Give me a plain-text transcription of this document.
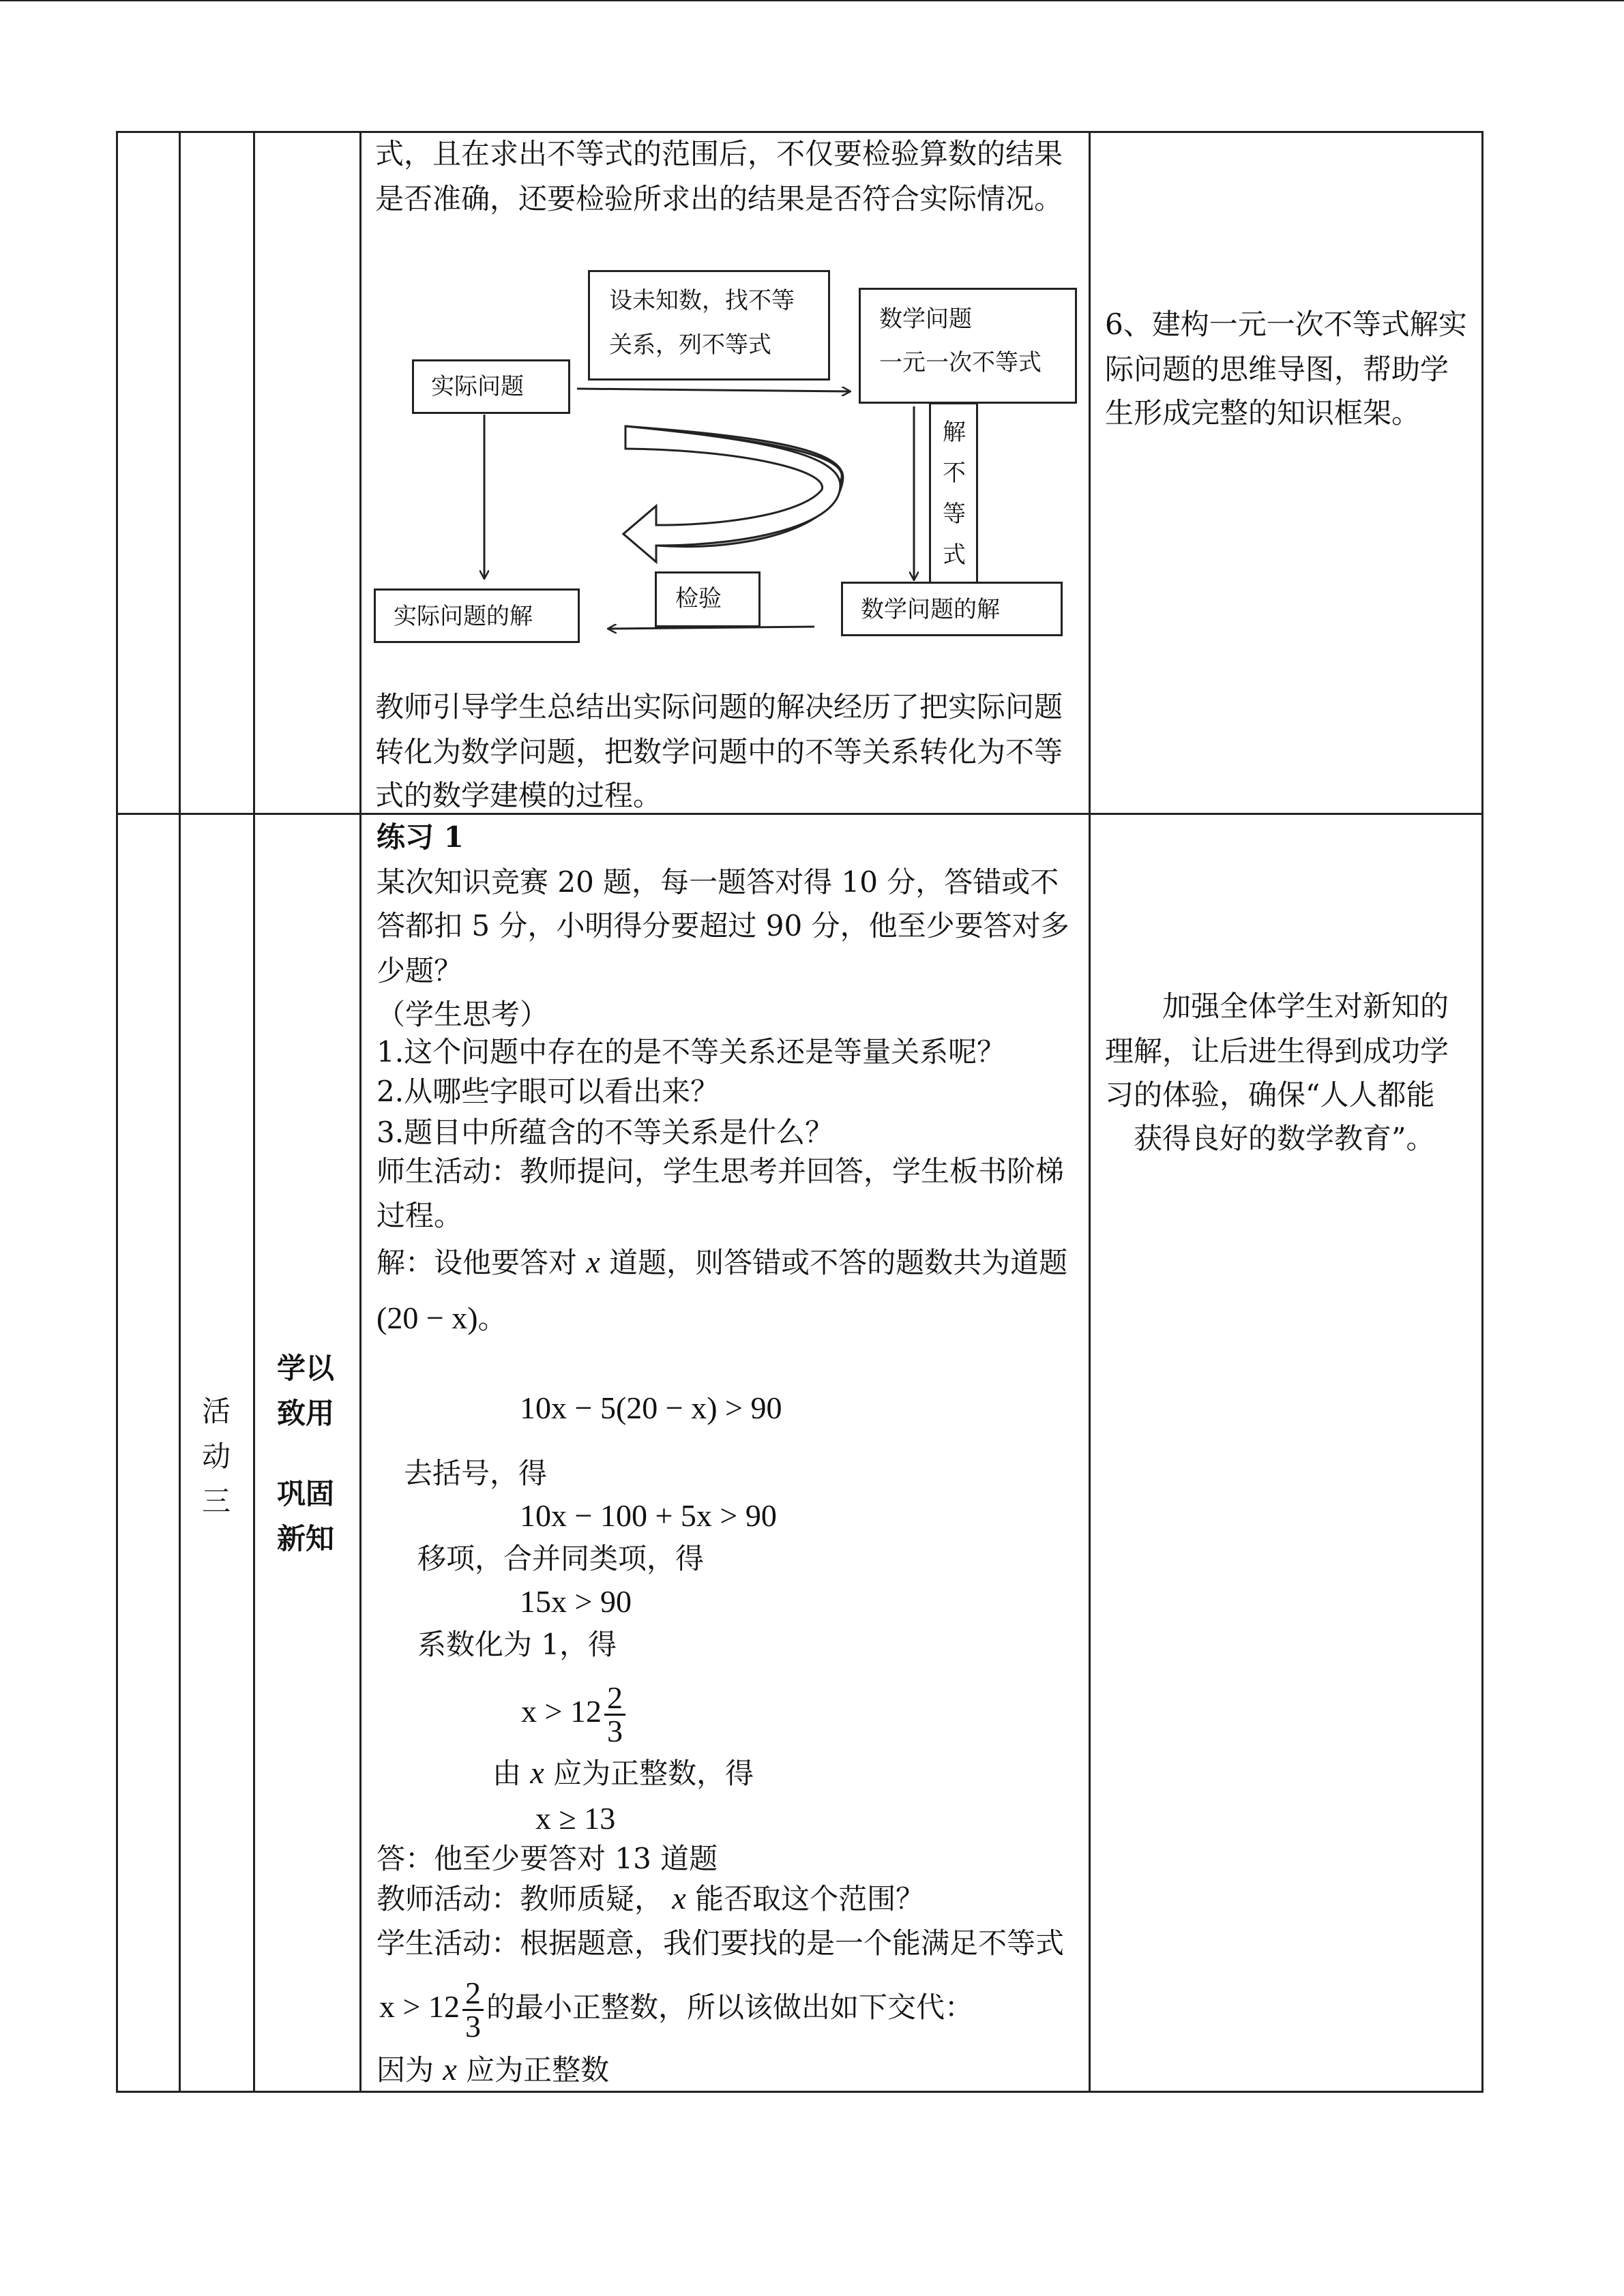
式，且在求出不等式的范围后，不仅要检验算数的结果
是否准确，还要检验所求出的结果是否符合实际情况。
设未知数，找不等
关系，列不等式
实际问题
数学问题
一元一次不等式
解
不
等
式
数学问题的解
检验
实际问题的解
教师引导学生总结出实际问题的解决经历了把实际问题
转化为数学问题，把数学问题中的不等关系转化为不等
式的数学建模的过程。
6、建构一元一次不等式解实
际问题的思维导图，帮助学
生形成完整的知识框架。
活
动
三
学以
致用
巩固
新知
练习 1
某次知识竞赛 20 题，每一题答对得 10 分，答错或不
答都扣 5 分，小明得分要超过 90 分，他至少要答对多
少题？
（学生思考）
1.这个问题中存在的是不等关系还是等量关系呢？
2.从哪些字眼可以看出来？
3.题目中所蕴含的不等关系是什么？
师生活动：教师提问，学生思考并回答，学生板书阶梯
过程。
解：设他要答对 x 道题，则答错或不答的题数共为道题
(20 − x)。
10x − 5(20 − x) > 90
去括号，得
10x − 100 + 5x > 90
移项，合并同类项，得
15x > 90
系数化为 1，得
$x > 12 \frac{2}{3}$
由 x 应为正整数，得
x ≥ 13
答：他至少要答对 13 道题
教师活动：教师质疑， x 能否取这个范围？
学生活动：根据题意，我们要找的是一个能满足不等式
$x > 12 \frac{2}{3}$ 的最小正整数，所以该做出如下交代：
因为 x 应为正整数
　　加强全体学生对新知的
理解，让后进生得到成功学
习的体验，确保“人人都能
　获得良好的数学教育”。
